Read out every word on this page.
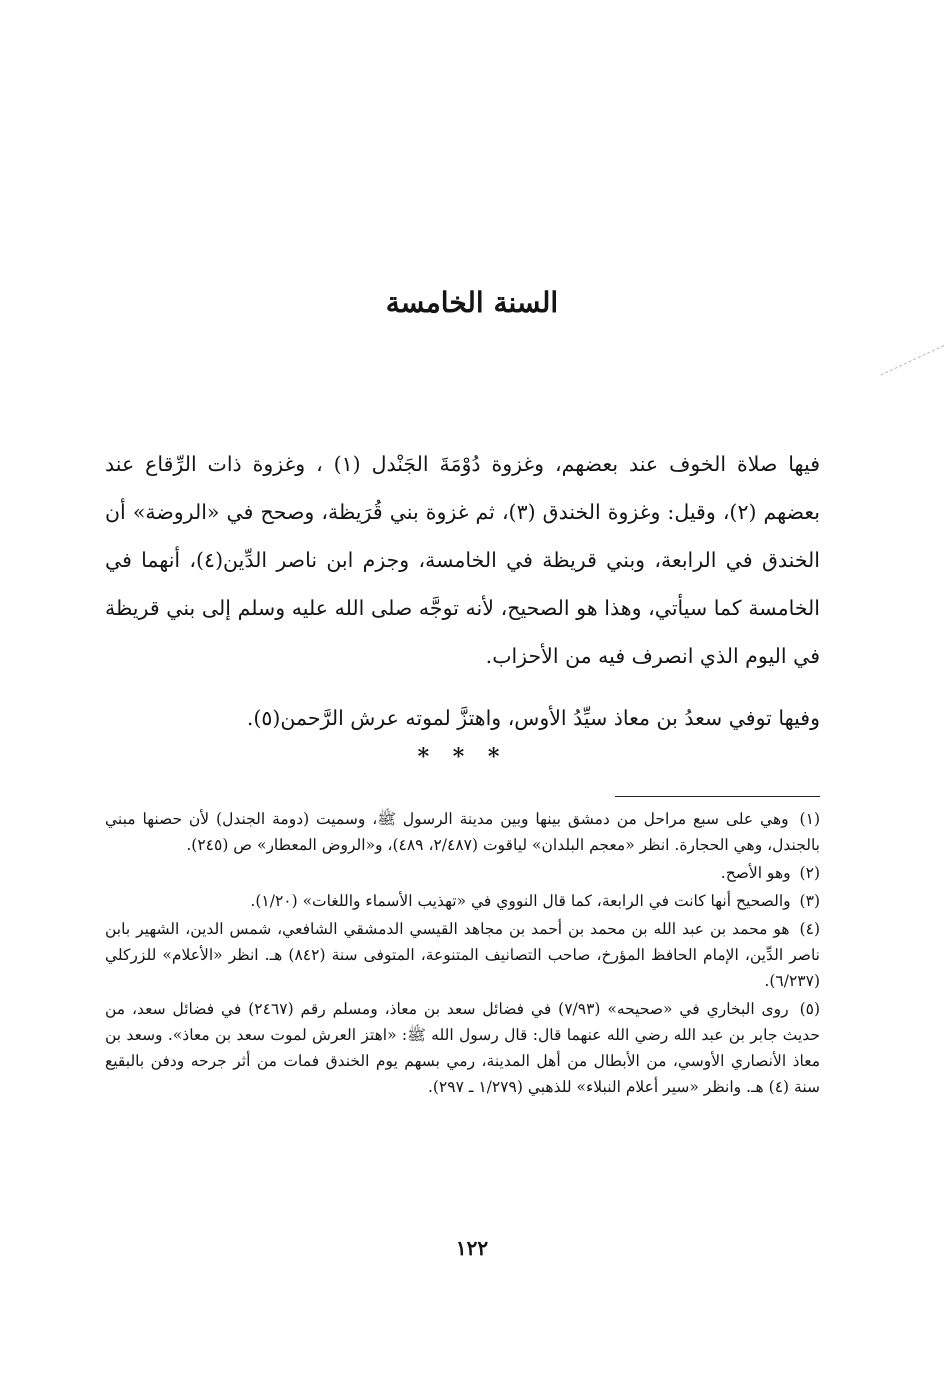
السنة الخامسة

فيها صلاة الخوف عند بعضهم، وغزوة دُوْمَةَ الجَنْدل (١) ، وغزوة ذات الرِّقاع عند بعضهم (٢)، وقيل: وغزوة الخندق (٣)، ثم غزوة بني قُرَيظة، وصحح في «الروضة» أن الخندق في الرابعة، وبني قريظة في الخامسة، وجزم ابن ناصر الدِّين(٤)، أنهما في الخامسة كما سيأتي، وهذا هو الصحيح، لأنه توجَّه صلى الله عليه وسلم إلى بني قريظة في اليوم الذي انصرف فيه من الأحزاب.

وفيها توفي سعدُ بن معاذ سيِّدُ الأوس، واهتزَّ لموته عرش الرَّحمن(٥).

* * *

(١) وهي على سبع مراحل من دمشق بينها وبين مدينة الرسول ﷺ، وسميت (دومة الجندل) لأن حصنها مبني بالجندل، وهي الحجارة. انظر «معجم البلدان» لياقوت (٢/٤٨٧، ٤٨٩)، و«الروض المعطار» ص (٢٤٥).

(٢) وهو الأصح.

(٣) والصحيح أنها كانت في الرابعة، كما قال النووي في «تهذيب الأسماء واللغات» (١/٢٠).

(٤) هو محمد بن عبد الله بن محمد بن أحمد بن مجاهد القيسي الدمشقي الشافعي، شمس الدين، الشهير بابن ناصر الدِّين، الإمام الحافظ المؤرخ، صاحب التصانيف المتنوعة، المتوفى سنة (٨٤٢) هـ. انظر «الأعلام» للزركلي (٦/٢٣٧).

(٥) روى البخاري في «صحيحه» (٧/٩٣) في فضائل سعد بن معاذ، ومسلم رقم (٢٤٦٧) في فضائل سعد، من حديث جابر بن عبد الله رضي الله عنهما قال: قال رسول الله ﷺ: «اهتز العرش لموت سعد بن معاذ». وسعد بن معاذ الأنصاري الأوسي، من الأبطال من أهل المدينة، رمي بسهم يوم الخندق فمات من أثر جرحه ودفن بالبقيع سنة (٤) هـ. وانظر «سير أعلام النبلاء» للذهبي (١/٢٧٩ ـ ٢٩٧).

١٢٢
